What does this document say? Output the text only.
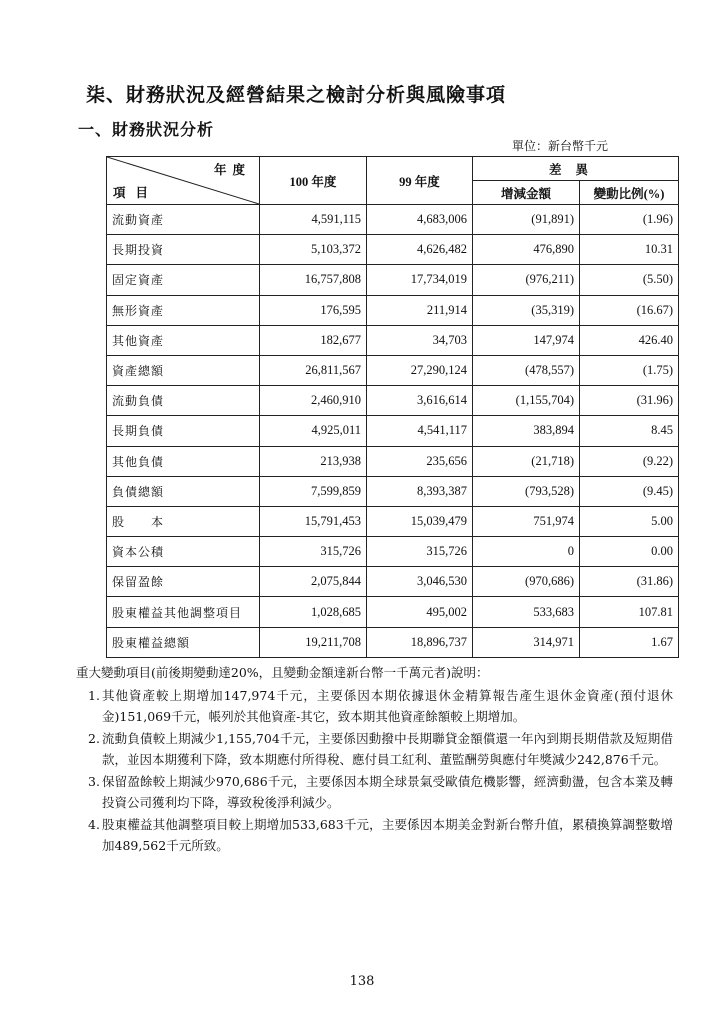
柒、財務狀況及經營結果之檢討分析與風險事項
一、財務狀況分析
單位：新台幣千元
年度
項目	100 年度	99 年度	差異	
			增減金額	變動比例(%)
流動資產	4,591,115	4,683,006	(91,891)	(1.96)
長期投資	5,103,372	4,626,482	476,890	10.31
固定資產	16,757,808	17,734,019	(976,211)	(5.50)
無形資產	176,595	211,914	(35,319)	(16.67)
其他資產	182,677	34,703	147,974	426.40
資產總額	26,811,567	27,290,124	(478,557)	(1.75)
流動負債	2,460,910	3,616,614	(1,155,704)	(31.96)
長期負債	4,925,011	4,541,117	383,894	8.45
其他負債	213,938	235,656	(21,718)	(9.22)
負債總額	7,599,859	8,393,387	(793,528)	(9.45)
股　　本	15,791,453	15,039,479	751,974	5.00
資本公積	315,726	315,726	0	0.00
保留盈餘	2,075,844	3,046,530	(970,686)	(31.86)
股東權益其他調整項目	1,028,685	495,002	533,683	107.81
股東權益總額	19,211,708	18,896,737	314,971	1.67
重大變動項目(前後期變動達20%，且變動金額達新台幣一千萬元者)說明：
1. 其他資產較上期增加147,974千元，主要係因本期依據退休金精算報告產生退休金資產(預付退休金)151,069千元，帳列於其他資產-其它，致本期其他資產餘額較上期增加。
2. 流動負債較上期減少1,155,704千元，主要係因動撥中長期聯貸金額償還一年內到期長期借款及短期借款，並因本期獲利下降，致本期應付所得稅、應付員工紅利、董監酬勞與應付年獎減少242,876千元。
3. 保留盈餘較上期減少970,686千元，主要係因本期全球景氣受歐債危機影響，經濟動盪，包含本業及轉投資公司獲利均下降，導致稅後淨利減少。
4. 股東權益其他調整項目較上期增加533,683千元，主要係因本期美金對新台幣升值，累積換算調整數增加489,562千元所致。
138
